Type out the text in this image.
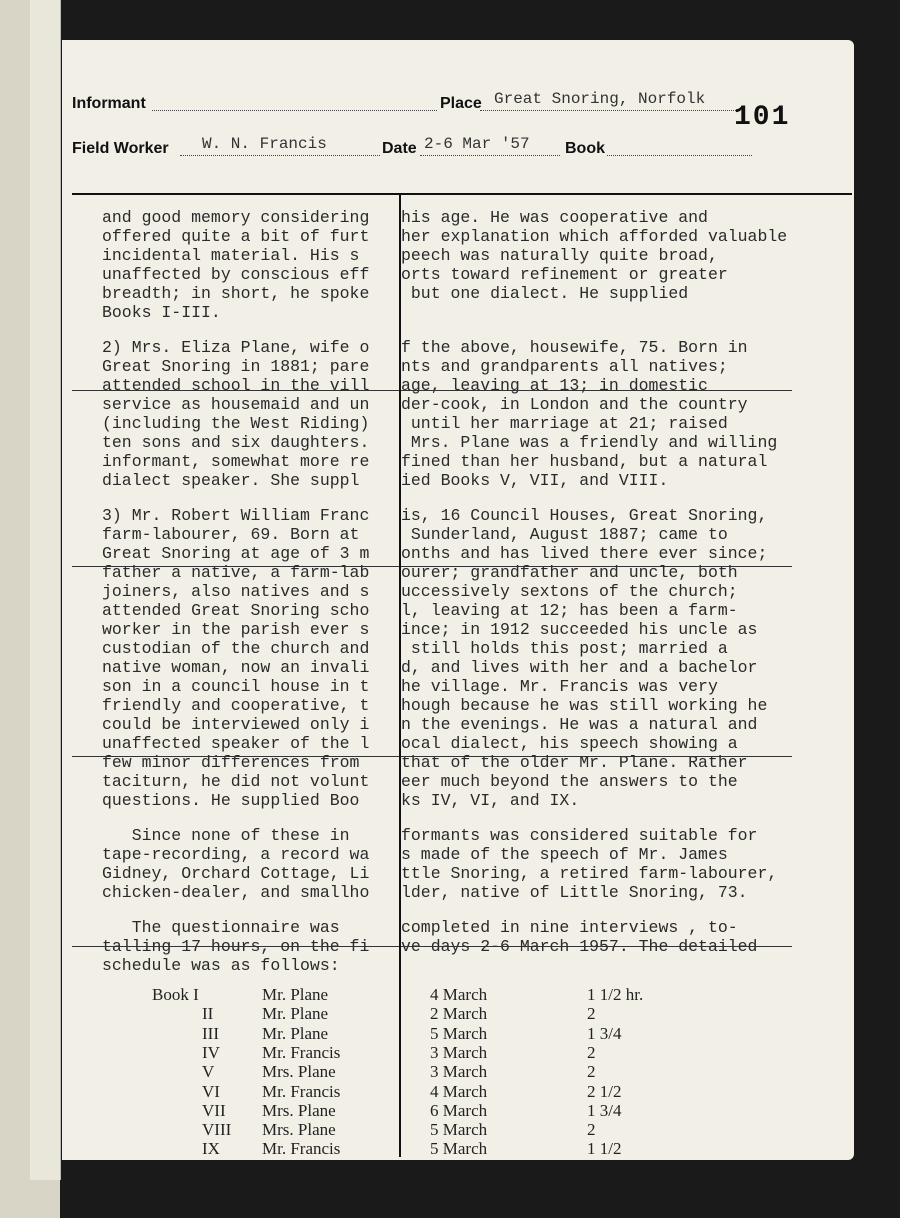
Informant	Place Great Snoring, Norfolk
101
Field Worker W. N. Francis	Date 2-6 Mar '57 Book
and good memory considering his age. He was cooperative and
offered quite a bit of furt her explanation which afforded valuable
incidental material. His s	peech was naturally quite broad,
unaffected by conscious eff orts toward refinement or greater
breadth; in short, he spoke but one dialect. He supplied
Books I-III.
2) Mrs. Eliza Plane, wife o f the above, housewife, 75. Born in
Great Snoring in 1881; pare nts and grandparents all natives;
attended school in the vill age, leaving at 13; in domestic
service as housemaid and un der-cook, in London and the country
(including the West Riding) until her marriage at 21; raised
ten sons and six daughters. Mrs. Plane was a friendly and willing
informant, somewhat more re fined than her husband, but a natural
dialect speaker. She suppl	ied Books V, VII, and VIII.
3) Mr. Robert William Franc is, 16 Council Houses, Great Snoring,
farm-labourer, 69. Born at	Sunderland, August 1887; came to
Great Snoring at age of 3 m onths and has lived there ever since;
father a native, a farm-lab ourer; grandfather and uncle, both
joiners, also natives and s uccessively sextons of the church;
attended Great Snoring scho l, leaving at 12; has been a farm-
worker in the parish ever s ince; in 1912 succeeded his uncle as
custodian of the church and still holds this post; married a
native woman, now an invali d, and lives with her and a bachelor
son in a council house in t he village. Mr. Francis was very
friendly and cooperative, t hough because he was still working he
could be interviewed only i n the evenings. He was a natural and
unaffected speaker of the l ocal dialect, his speech showing a
few minor differences from that of the older Mr. Plane. Rather
taciturn, he did not volunt eer much beyond the answers to the
questions. He supplied Boo	ks IV, VI, and IX.
Since none of these in	formants was considered suitable for
tape-recording, a record wa s made of the speech of Mr. James
Gidney, Orchard Cottage, Li ttle Snoring, a retired farm-labourer,
chicken-dealer, and smallho lder, native of Little Snoring, 73.
The questionnaire was	completed in nine interviews , to-
talling 17 hours, on the fi ve days 2-6 March 1957. The detailed
schedule was as follows:
Book I	Mr. Plane	4 March	1 1/2 hr.
II	Mr. Plane	2 March	2
III	Mr. Plane	5 March	1 3/4
IV Mr. Francis	3 March	2
V	Mrs. Plane	3 March	2
VI Mr. Francis	4 March	2 1/2
VII Mrs. Plane	6 March	1 3/4
VIII Mrs. Plane	5 March	2
IX Mr. Francis	5 March	1 1/2
